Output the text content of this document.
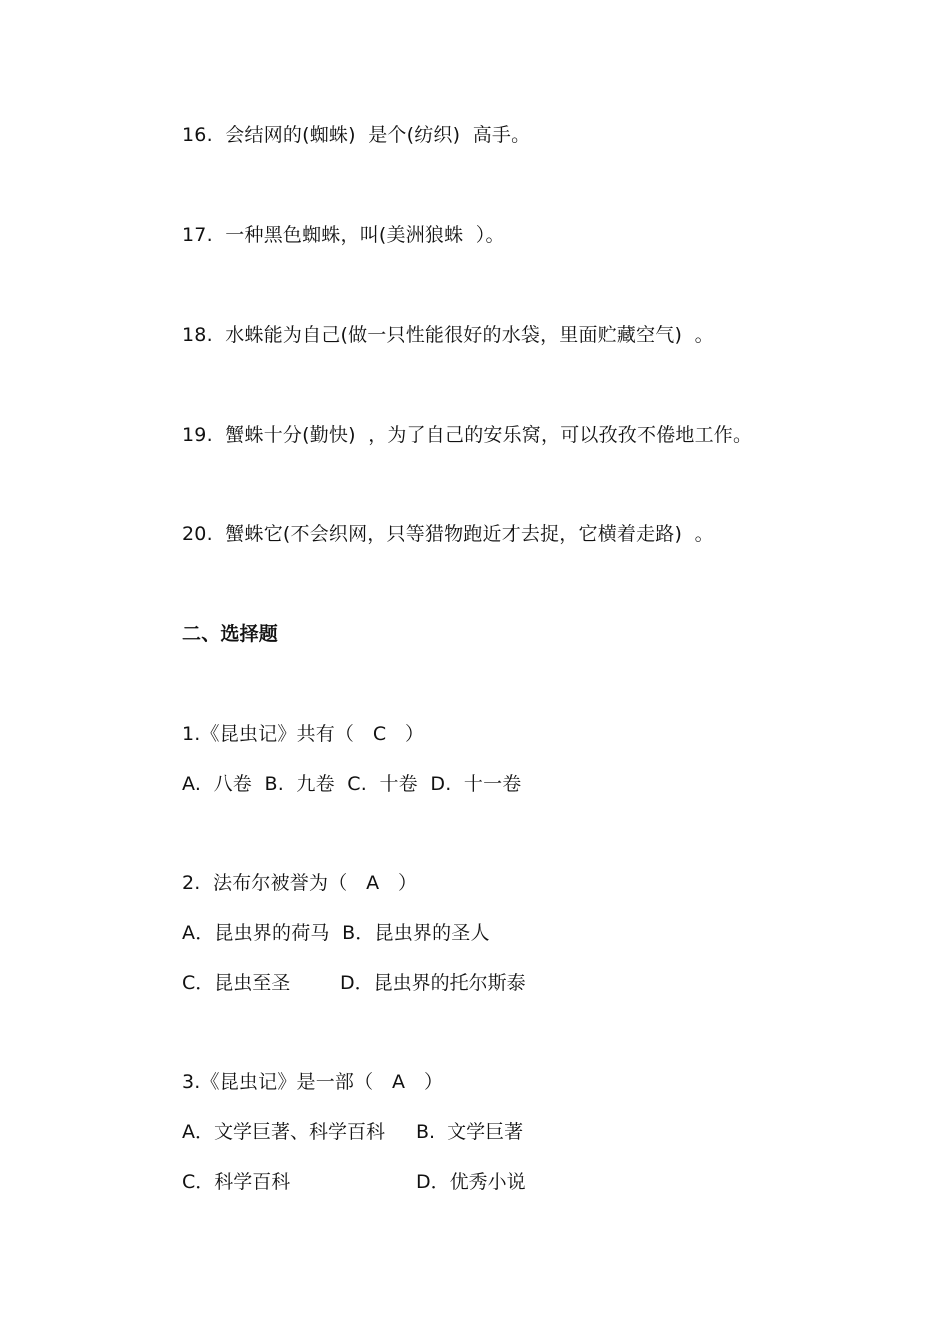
16.  会结网的(蜘蛛)  是个(纺织)  高手。
17.  一种黑色蜘蛛，叫(美洲狼蛛  ）。
18.  水蛛能为自己(做一只性能很好的水袋，里面贮藏空气)  。
19.  蟹蛛十分(勤快)  ，为了自己的安乐窝，可以孜孜不倦地工作。
20.  蟹蛛它(不会织网，只等猎物跑近才去捉，它横着走路)  。
二、选择题
1.《昆虫记》共有（   C   ）
A.  八卷  B.  九卷  C.  十卷  D.  十一卷
2.  法布尔被誉为（   A   ）
A．昆虫界的荷马  B．昆虫界的圣人
C．昆虫至圣	D．昆虫界的托尔斯泰
3.《昆虫记》是一部（   A   ）
A．文学巨著、科学百科 B.  文学巨著
C．科学百科	D．优秀小说
